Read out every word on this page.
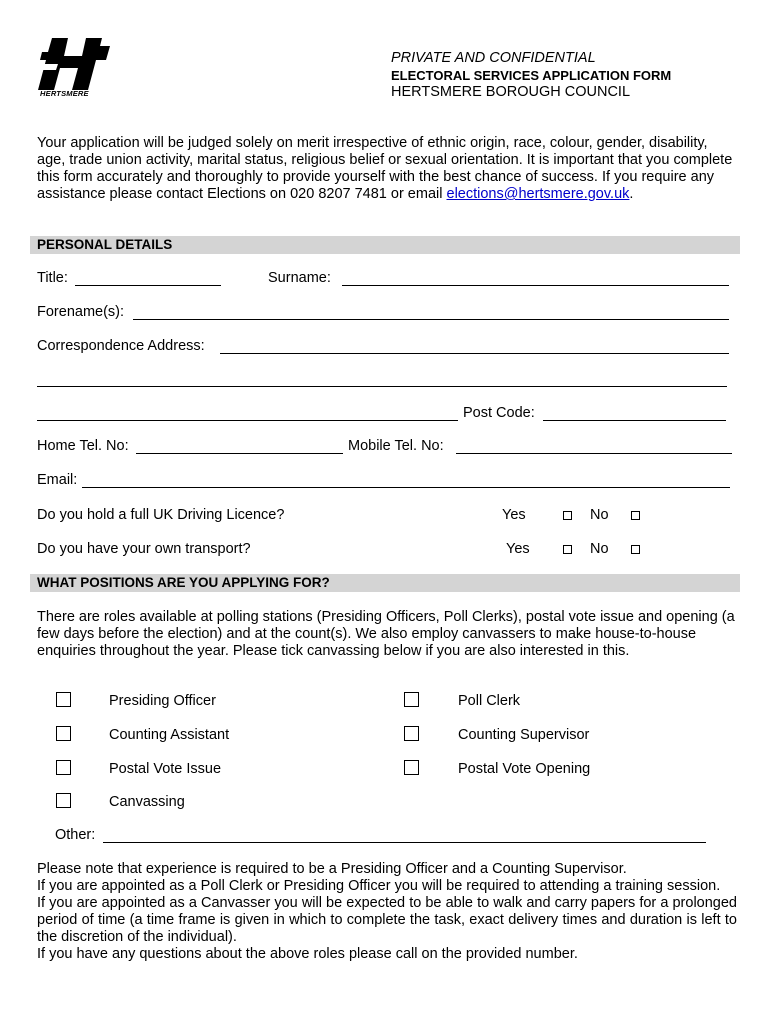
HERTSMERE
PRIVATE AND CONFIDENTIAL
ELECTORAL SERVICES APPLICATION FORM
HERTSMERE BOROUGH COUNCIL
Your application will be judged solely on merit irrespective of ethnic origin, race, colour, gender, disability, age, trade union activity, marital status, religious belief or sexual orientation. It is important that you complete this form accurately and thoroughly to provide yourself with the best chance of success. If you require any assistance please contact Elections on 020 8207 7481 or email elections@hertsmere.gov.uk.
PERSONAL DETAILS
Title:	Surname:
Forename(s):
Correspondence Address:
Post Code:
Home Tel. No:	Mobile Tel. No:
Email:
Do you hold a full UK Driving Licence?	Yes	No
Do you have your own transport?	Yes	No
WHAT POSITIONS ARE YOU APPLYING FOR?
There are roles available at polling stations (Presiding Officers, Poll Clerks), postal vote issue and opening (a few days before the election) and at the count(s). We also employ canvassers to make house-to-house enquiries throughout the year. Please tick canvassing below if you are also interested in this.
Presiding Officer	Poll Clerk
Counting Assistant	Counting Supervisor
Postal Vote Issue	Postal Vote Opening
Canvassing
Other:
Please note that experience is required to be a Presiding Officer and a Counting Supervisor.
If you are appointed as a Poll Clerk or Presiding Officer you will be required to attending a training session.
If you are appointed as a Canvasser you will be expected to be able to walk and carry papers for a prolonged period of time (a time frame is given in which to complete the task, exact delivery times and duration is left to the discretion of the individual).
If you have any questions about the above roles please call on the provided number.
